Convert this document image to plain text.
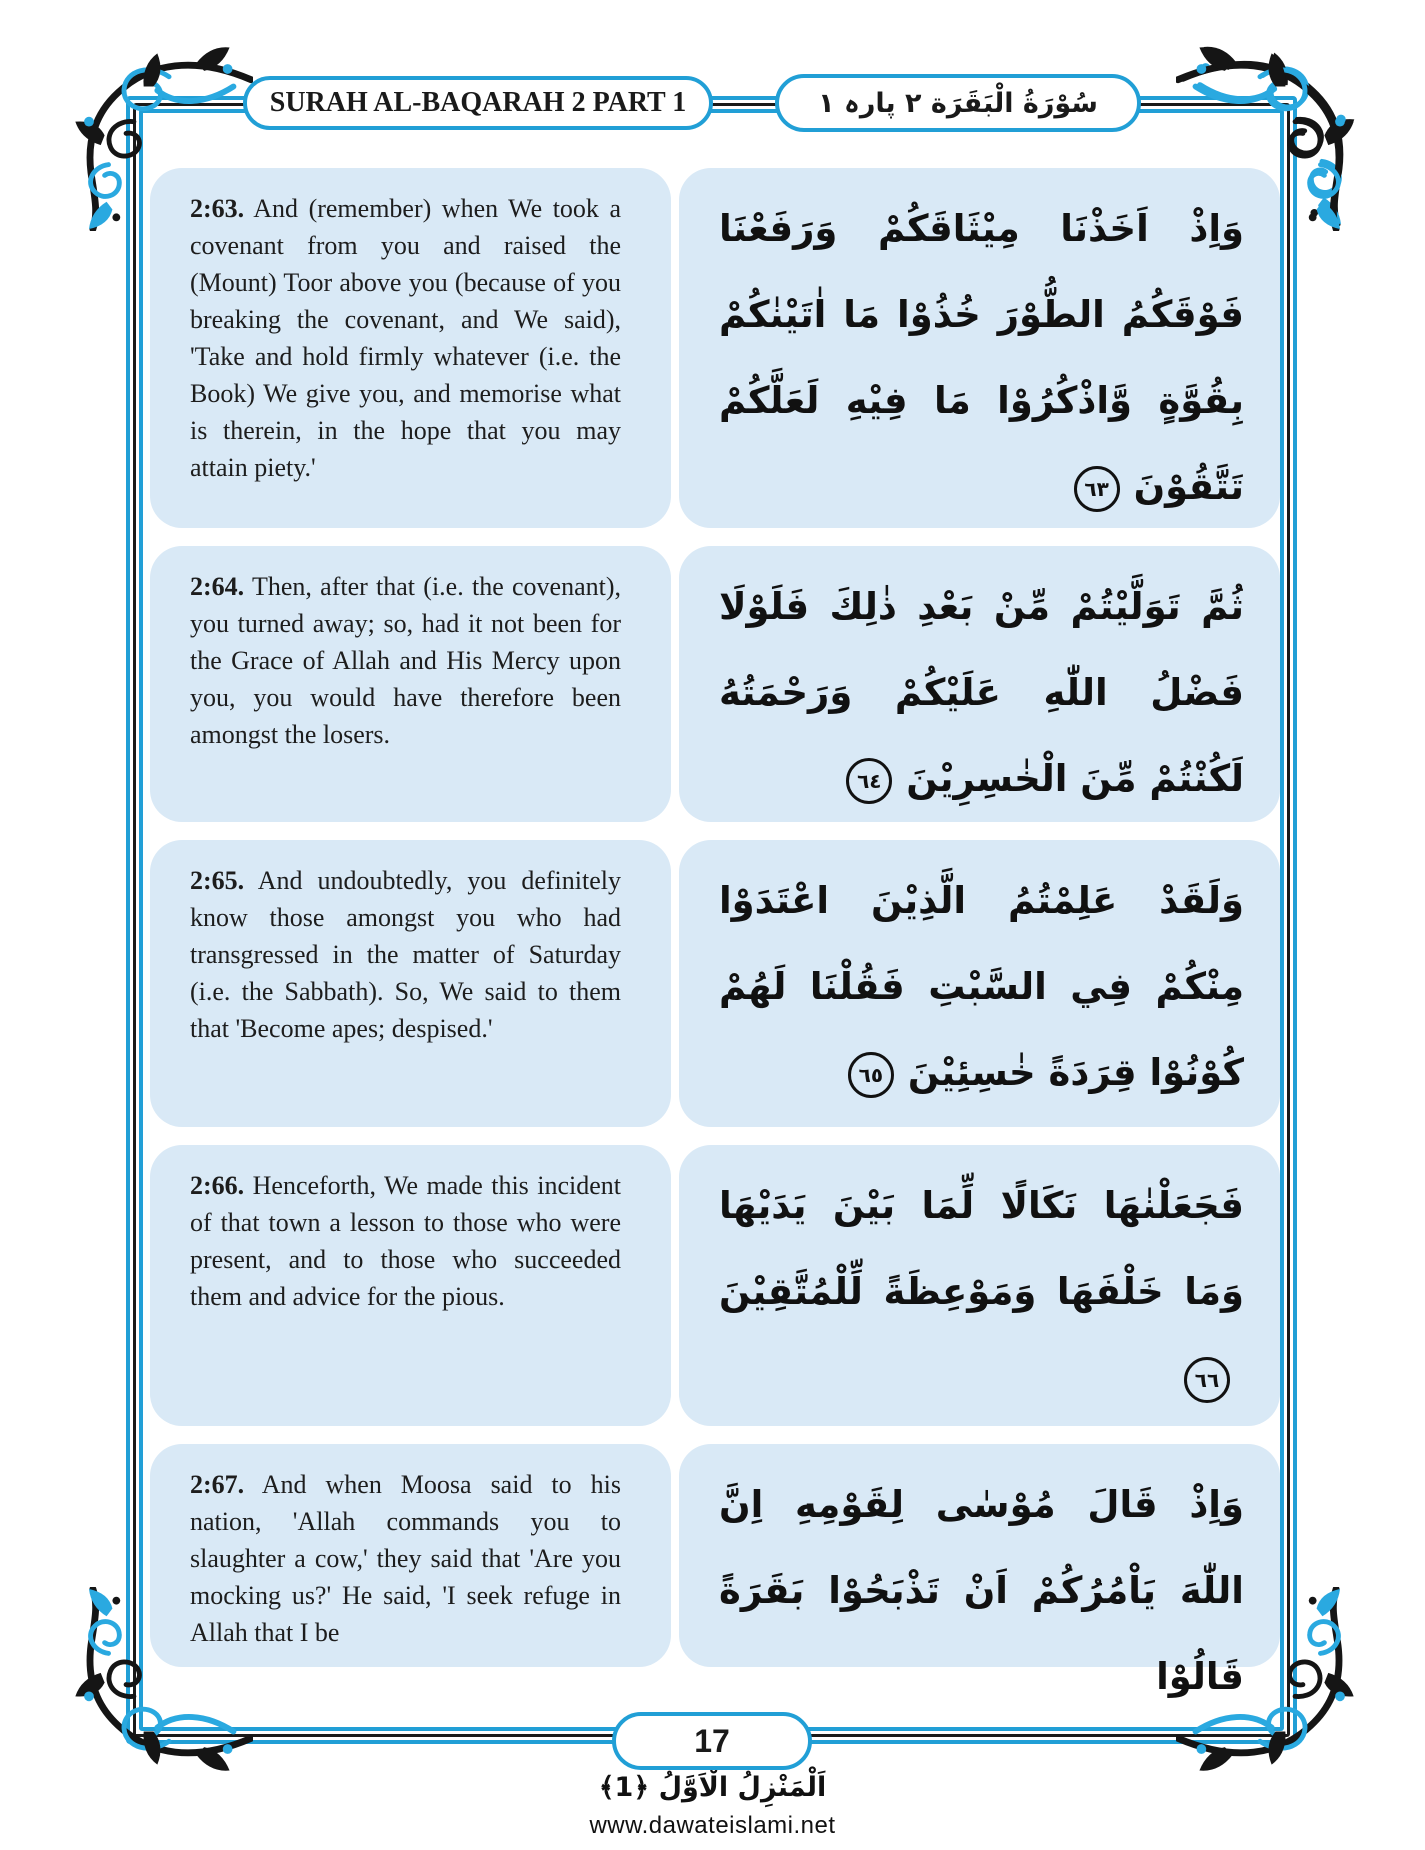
SURAH AL-BAQARAH 2 PART 1	سُوْرَةُ الْبَقَرَة ۲ پارہ ۱

2:63. And (remember) when We took a covenant from you and raised the (Mount) Toor above you (because of you breaking the covenant, and We said), 'Take and hold firmly whatever (i.e. the Book) We give you, and memorise what is therein, in the hope that you may attain piety.'

وَاِذْ اَخَذْنَا مِيْثَاقَكُمْ وَرَفَعْنَا فَوْقَكُمُ الطُّوْرَ خُذُوْا مَا اٰتَيْنٰكُمْ بِقُوَّةٍ وَّاذْكُرُوْا مَا فِيْهِ لَعَلَّكُمْ تَتَّقُوْنَ٦٣

2:64. Then, after that (i.e. the covenant), you turned away; so, had it not been for the Grace of Allah and His Mercy upon you, you would have therefore been amongst the losers.

ثُمَّ تَوَلَّيْتُمْ مِّنْ بَعْدِ ذٰلِكَ فَلَوْلَا فَضْلُ اللّٰهِ عَلَيْكُمْ وَرَحْمَتُهُ لَكُنْتُمْ مِّنَ الْخٰسِرِيْنَ٦٤

2:65. And undoubtedly, you definitely know those amongst you who had transgressed in the matter of Saturday (i.e. the Sabbath). So, We said to them that 'Become apes; despised.'

وَلَقَدْ عَلِمْتُمُ الَّذِيْنَ اعْتَدَوْا مِنْكُمْ فِي السَّبْتِ فَقُلْنَا لَهُمْ كُوْنُوْا قِرَدَةً خٰسِئِيْنَ٦٥

2:66. Henceforth, We made this incident of that town a lesson to those who were present, and to those who succeeded them and advice for the pious.

فَجَعَلْنٰهَا نَكَالًا لِّمَا بَيْنَ يَدَيْهَا وَمَا خَلْفَهَا وَمَوْعِظَةً لِّلْمُتَّقِيْنَ٦٦

2:67. And when Moosa said to his nation, 'Allah commands you to slaughter a cow,' they said that 'Are you mocking us?' He said, 'I seek refuge in Allah that I be

وَاِذْ قَالَ مُوْسٰى لِقَوْمِهِ اِنَّ اللّٰهَ يَاْمُرُكُمْ اَنْ تَذْبَحُوْا بَقَرَةً قَالُوْا

17
اَلْمَنْزِلُ الْاَوَّلُ ﴿1﴾
www.dawateislami.net
